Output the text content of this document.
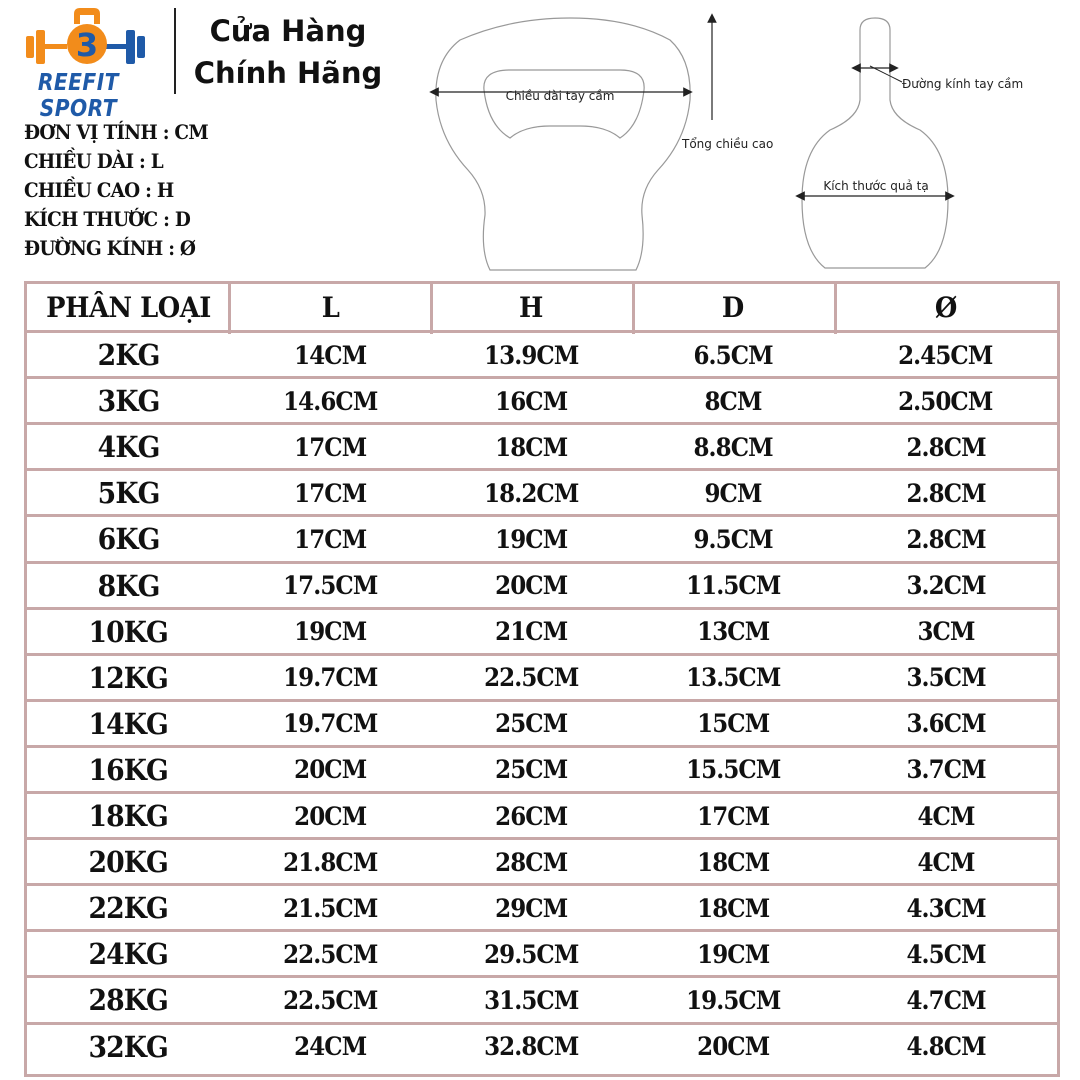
3
REEFIT SPORT
Cửa Hàng
Chính Hãng
ĐƠN VỊ TÍNH : CM
CHIỀU DÀI : L
CHIỀU CAO : H
KÍCH THƯỚC : D
ĐƯỜNG KÍNH : Ø
Chiều dài tay cầm
Tổng chiều cao
Đường kính tay cầm
Kích thước quả tạ
PHÂN LOẠI	L	H	D	Ø
2KG	14CM	13.9CM	6.5CM	2.45CM
3KG	14.6CM	16CM	8CM	2.50CM
4KG	17CM	18CM	8.8CM	2.8CM
5KG	17CM	18.2CM	9CM	2.8CM
6KG	17CM	19CM	9.5CM	2.8CM
8KG	17.5CM	20CM	11.5CM	3.2CM
10KG	19CM	21CM	13CM	3CM
12KG	19.7CM	22.5CM	13.5CM	3.5CM
14KG	19.7CM	25CM	15CM	3.6CM
16KG	20CM	25CM	15.5CM	3.7CM
18KG	20CM	26CM	17CM	4CM
20KG	21.8CM	28CM	18CM	4CM
22KG	21.5CM	29CM	18CM	4.3CM
24KG	22.5CM	29.5CM	19CM	4.5CM
28KG	22.5CM	31.5CM	19.5CM	4.7CM
32KG	24CM	32.8CM	20CM	4.8CM
